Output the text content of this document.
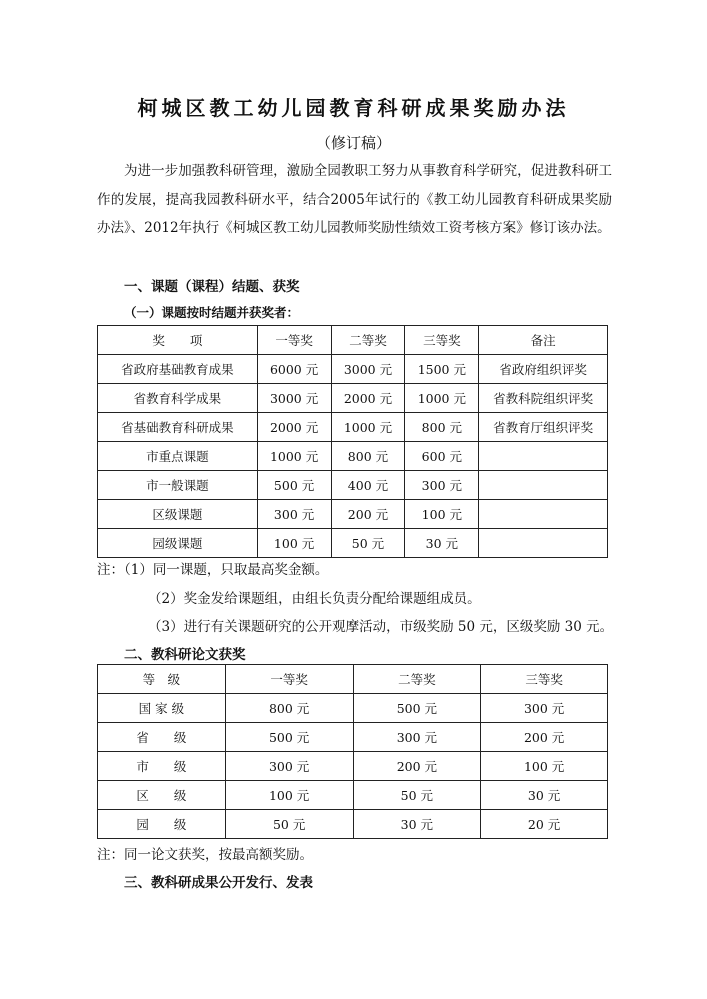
柯城区教工幼儿园教育科研成果奖励办法
（修订稿）

为进一步加强教科研管理，激励全园教职工努力从事教育科学研究，促进教科研工作的发展，提高我园教科研水平，结合2005年试行的《教工幼儿园教育科研成果奖励办法》、2012年执行《柯城区教工幼儿园教师奖励性绩效工资考核方案》修订该办法。

一、课题（课程）结题、获奖
（一）课题按时结题并获奖者：
奖　　项	一等奖	二等奖	三等奖	备注
省政府基础教育成果	6000 元	3000 元	1500 元	省政府组织评奖
省教育科学成果	3000 元	2000 元	1000 元	省教科院组织评奖
省基础教育科研成果	2000 元	1000 元	800 元	省教育厅组织评奖
市重点课题	1000 元	800 元	600 元	
市一般课题	500 元	400 元	300 元	
区级课题	300 元	200 元	100 元	
园级课题	100 元	50 元	30 元	
注：（1）同一课题，只取最高奖金额。
（2）奖金发给课题组，由组长负责分配给课题组成员。
（3）进行有关课题研究的公开观摩活动，市级奖励 50 元，区级奖励 30 元。
二、教科研论文获奖
等　级	一等奖	二等奖	三等奖
国 家 级	800 元	500 元	300 元
省　　级	500 元	300 元	200 元
市　　级	300 元	200 元	100 元
区　　级	100 元	50 元	30 元
园　　级	50 元	30 元	20 元
注：同一论文获奖，按最高额奖励。
三、教科研成果公开发行、发表
